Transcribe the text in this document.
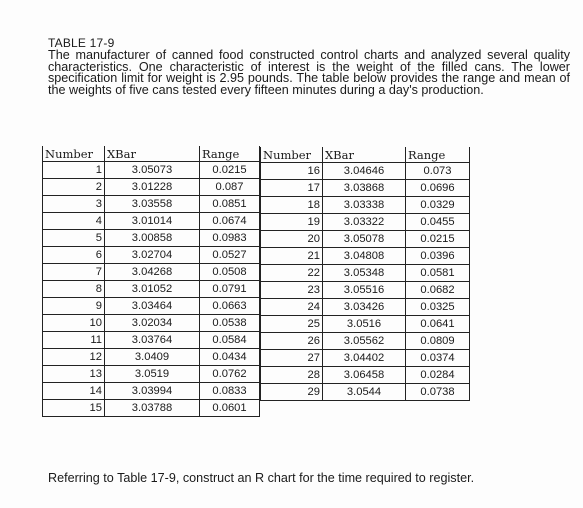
TABLE 17-9
The manufacturer of canned food constructed control charts and analyzed several quality characteristics. One characteristic of interest is the weight of the filled cans. The lower specification limit for weight is 2.95 pounds. The table below provides the range and mean of the weights of five cans tested every fifteen minutes during a day's production.
Number	XBar	Range
1	3.05073	0.0215
2	3.01228	0.087
3	3.03558	0.0851
4	3.01014	0.0674
5	3.00858	0.0983
6	3.02704	0.0527
7	3.04268	0.0508
8	3.01052	0.0791
9	3.03464	0.0663
10	3.02034	0.0538
11	3.03764	0.0584
12	3.0409	0.0434
13	3.0519	0.0762
14	3.03994	0.0833
15	3.03788	0.0601
Number	XBar	Range
16	3.04646	0.073
17	3.03868	0.0696
18	3.03338	0.0329
19	3.03322	0.0455
20	3.05078	0.0215
21	3.04808	0.0396
22	3.05348	0.0581
23	3.05516	0.0682
24	3.03426	0.0325
25	3.0516	0.0641
26	3.05562	0.0809
27	3.04402	0.0374
28	3.06458	0.0284
29	3.0544	0.0738
Referring to Table 17-9, construct an R chart for the time required to register.
